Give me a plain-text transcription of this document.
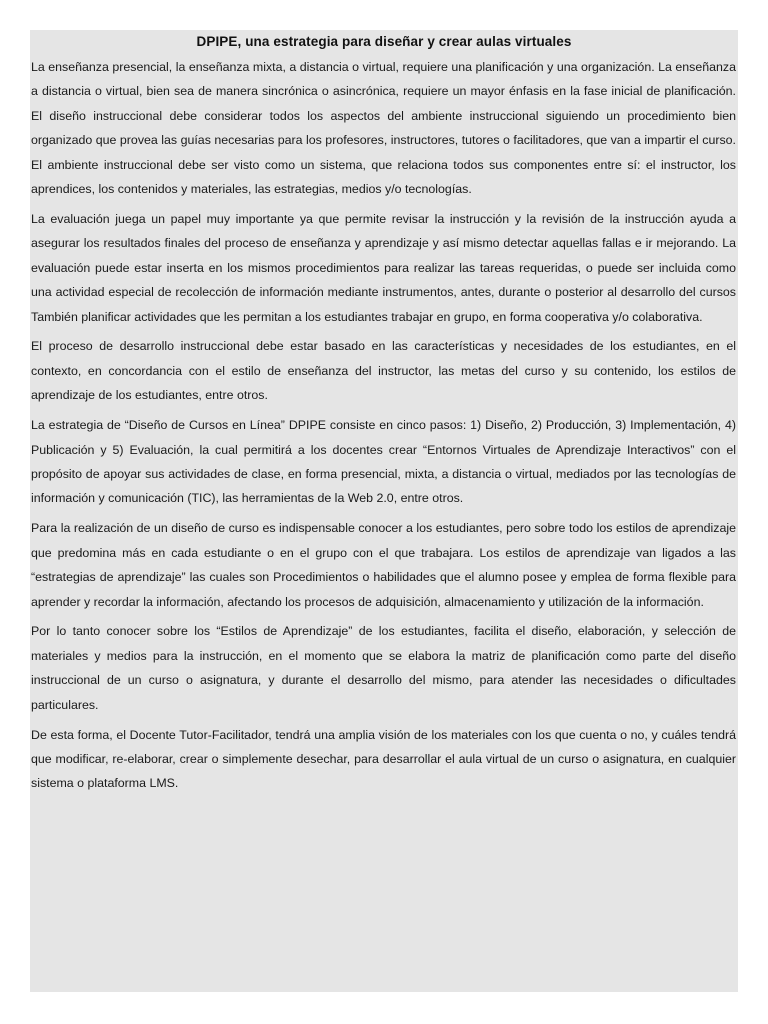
DPIPE, una estrategia para diseñar y crear aulas virtuales

La enseñanza presencial, la enseñanza mixta, a distancia o virtual, requiere una planificación y una organización. La enseñanza a distancia o virtual, bien sea de manera sincrónica o asincrónica, requiere un mayor énfasis en la fase inicial de planificación. El diseño instruccional debe considerar todos los aspectos del ambiente instruccional siguiendo un procedimiento bien organizado que provea las guías necesarias para los profesores, instructores, tutores o facilitadores, que van a impartir el curso. El ambiente instruccional debe ser visto como un sistema, que relaciona todos sus componentes entre sí: el instructor, los aprendices, los contenidos y materiales, las estrategias, medios y/o tecnologías.

La evaluación juega un papel muy importante ya que permite revisar la instrucción y la revisión de la instrucción ayuda a asegurar los resultados finales del proceso de enseñanza y aprendizaje y así mismo detectar aquellas fallas e ir mejorando. La evaluación puede estar inserta en los mismos procedimientos para realizar las tareas requeridas, o puede ser incluida como una actividad especial de recolección de información mediante instrumentos, antes, durante o posterior al desarrollo del cursos También planificar actividades que les permitan a los estudiantes trabajar en grupo, en forma cooperativa y/o colaborativa.

El proceso de desarrollo instruccional debe estar basado en las características y necesidades de los estudiantes, en el contexto, en concordancia con el estilo de enseñanza del instructor, las metas del curso y su contenido, los estilos de aprendizaje de los estudiantes, entre otros.

La estrategia de “Diseño de Cursos en Línea” DPIPE consiste en cinco pasos: 1) Diseño, 2) Producción, 3) Implementación, 4) Publicación y 5) Evaluación, la cual permitirá a los docentes crear “Entornos Virtuales de Aprendizaje Interactivos” con el propósito de apoyar sus actividades de clase, en forma presencial, mixta, a distancia o virtual, mediados por las tecnologías de información y comunicación (TIC), las herramientas de la Web 2.0, entre otros.

Para la realización de un diseño de curso es indispensable conocer a los estudiantes, pero sobre todo los estilos de aprendizaje que predomina más en cada estudiante o en el grupo con el que trabajara. Los estilos de aprendizaje van ligados a las “estrategias de aprendizaje” las cuales son Procedimientos o habilidades que el alumno posee y emplea de forma flexible para aprender y recordar la información, afectando los procesos de adquisición, almacenamiento y utilización de la información.

Por lo tanto conocer sobre los “Estilos de Aprendizaje” de los estudiantes, facilita el diseño, elaboración, y selección de materiales y medios para la instrucción, en el momento que se elabora la matriz de planificación como parte del diseño instruccional de un curso o asignatura, y durante el desarrollo del mismo, para atender las necesidades o dificultades particulares.

De esta forma, el Docente Tutor-Facilitador, tendrá una amplia visión de los materiales con los que cuenta o no, y cuáles tendrá que modificar, re-elaborar, crear o simplemente desechar, para desarrollar el aula virtual de un curso o asignatura, en cualquier sistema o plataforma LMS.
